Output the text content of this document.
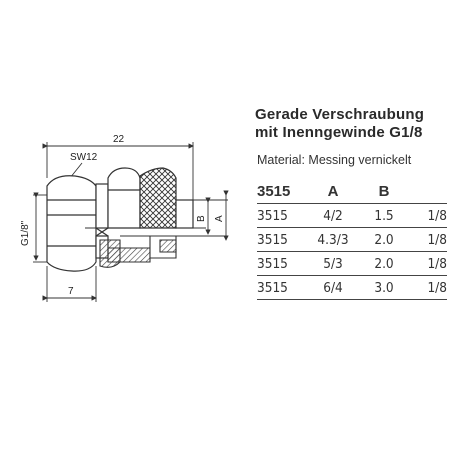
22
SW12
G1/8"
B A
7
Gerade Verschraubung
mit Inenngewinde G1/8
Material: Messing vernickelt
3515	A	B	
3515	4/2	1.5	1/8
3515	4.3/3	2.0	1/8
3515	5/3	2.0	1/8
3515	6/4	3.0	1/8
